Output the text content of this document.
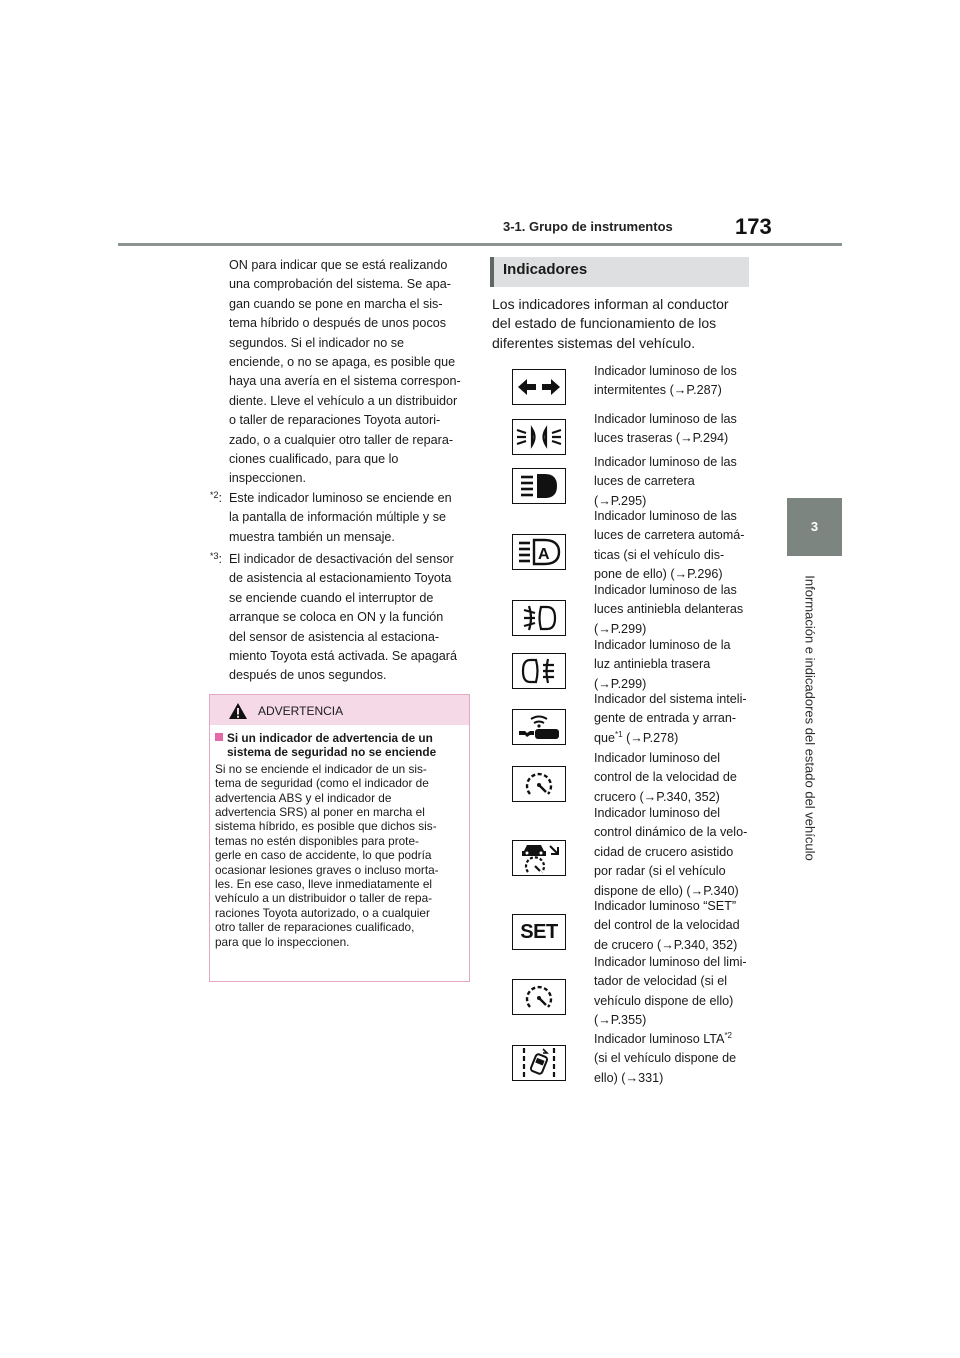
3-1. Grupo de instrumentos	173
3
Información e indicadores del estado del vehículo
ON para indicar que se está realizando
una comprobación del sistema. Se apa-
gan cuando se pone en marcha el sis-
tema híbrido o después de unos pocos
segundos. Si el indicador no se
enciende, o no se apaga, es posible que
haya una avería en el sistema correspon-
diente. Lleve el vehículo a un distribuidor
o taller de reparaciones Toyota autori-
zado, o a cualquier otro taller de repara-
ciones cualificado, para que lo
inspeccionen.
*2: Este indicador luminoso se enciende en
la pantalla de información múltiple y se
muestra también un mensaje.
*3: El indicador de desactivación del sensor
de asistencia al estacionamiento Toyota
se enciende cuando el interruptor de
arranque se coloca en ON y la función
del sensor de asistencia al estaciona-
miento Toyota está activada. Se apagará
después de unos segundos.
ADVERTENCIA
Si un indicador de advertencia de un
sistema de seguridad no se enciende
Si no se enciende el indicador de un sis-
tema de seguridad (como el indicador de
advertencia ABS y el indicador de
advertencia SRS) al poner en marcha el
sistema híbrido, es posible que dichos sis-
temas no estén disponibles para prote-
gerle en caso de accidente, lo que podría
ocasionar lesiones graves o incluso morta-
les. En ese caso, lleve inmediatamente el
vehículo a un distribuidor o taller de repa-
raciones Toyota autorizado, o a cualquier
otro taller de reparaciones cualificado,
para que lo inspeccionen.
Indicadores
Los indicadores informan al conductor
del estado de funcionamiento de los
diferentes sistemas del vehículo.
Indicador luminoso de los
intermitentes (→P.287)
Indicador luminoso de las
luces traseras (→P.294)
Indicador luminoso de las
luces de carretera
(→P.295)
A
Indicador luminoso de las
luces de carretera automá-
ticas (si el vehículo dis-
pone de ello) (→P.296)
Indicador luminoso de las
luces antiniebla delanteras
(→P.299)
Indicador luminoso de la
luz antiniebla trasera
(→P.299)
Indicador del sistema inteli-
gente de entrada y arran-
que$^{*1}$ (→P.278)
Indicador luminoso del
control de la velocidad de
crucero (→P.340, 352)
Indicador luminoso del
control dinámico de la velo-
cidad de crucero asistido
por radar (si el vehículo
dispone de ello) (→P.340)
SET
Indicador luminoso “SET”
del control de la velocidad
de crucero (→P.340, 352)
Indicador luminoso del limi-
tador de velocidad (si el
vehículo dispone de ello)
(→P.355)
Indicador luminoso LTA$^{*2}$
(si el vehículo dispone de
ello) (→331)
